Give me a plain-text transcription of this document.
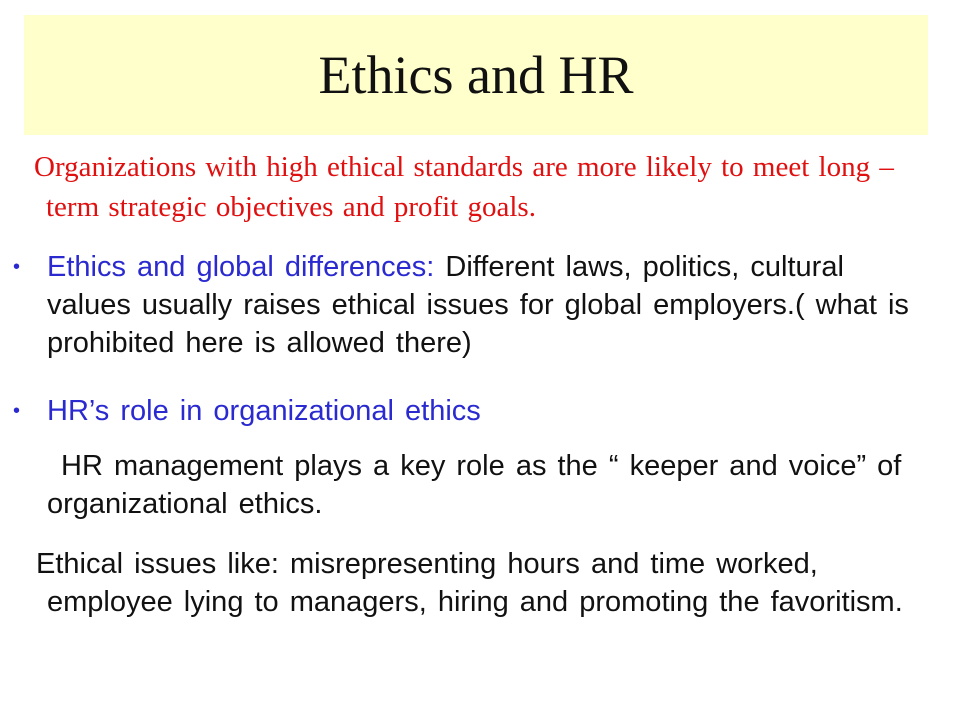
Ethics and HR
Organizations with high ethical standards are more likely to meet long –term strategic objectives and profit goals.
• Ethics and global differences: Different laws, politics, cultural values usually raises ethical issues for global employers.( what is prohibited here is allowed there)
• HR’s role in organizational ethics
HR management plays a key role as the “ keeper and voice” of organizational ethics.
Ethical issues like: misrepresenting hours and time worked, employee lying to managers, hiring and promoting the favoritism.
